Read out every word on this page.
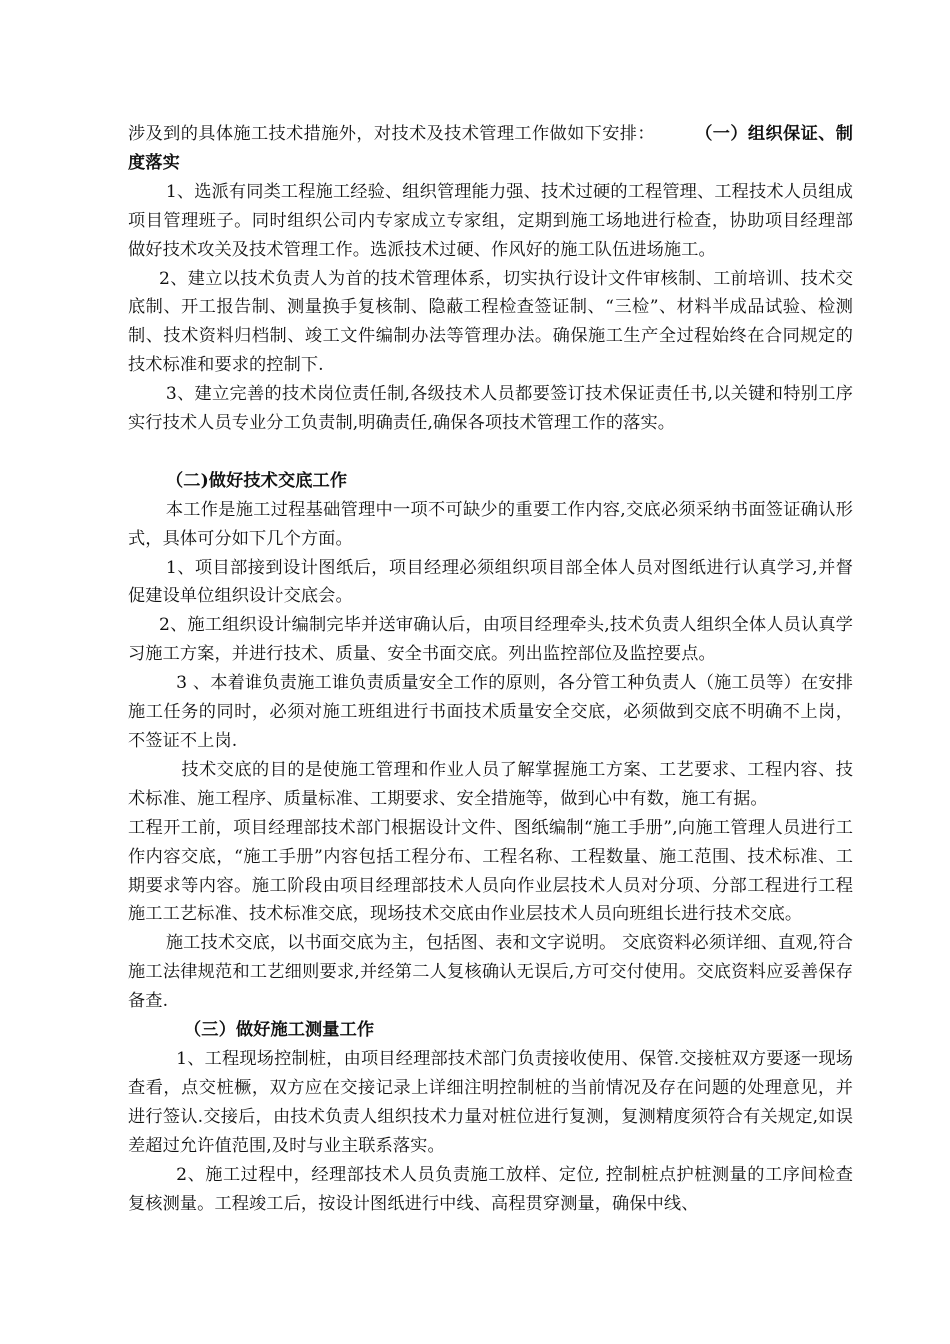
涉及到的具体施工技术措施外，对技术及技术管理工作做如下安排： （一）组织保证、制度落实

1、选派有同类工程施工经验、组织管理能力强、技术过硬的工程管理、工程技术人员组成项目管理班子。同时组织公司内专家成立专家组，定期到施工场地进行检查，协助项目经理部做好技术攻关及技术管理工作。选派技术过硬、作风好的施工队伍进场施工。

2、建立以技术负责人为首的技术管理体系，切实执行设计文件审核制、工前培训、技术交底制、开工报告制、测量换手复核制、隐蔽工程检查签证制、“三检”、材料半成品试验、检测制、技术资料归档制、竣工文件编制办法等管理办法。确保施工生产全过程始终在合同规定的技术标准和要求的控制下.

3、建立完善的技术岗位责任制,各级技术人员都要签订技术保证责任书,以关键和特别工序实行技术人员专业分工负责制,明确责任,确保各项技术管理工作的落实。

（二)做好技术交底工作

本工作是施工过程基础管理中一项不可缺少的重要工作内容,交底必须采纳书面签证确认形式，具体可分如下几个方面。

1、项目部接到设计图纸后，项目经理必须组织项目部全体人员对图纸进行认真学习,并督促建设单位组织设计交底会。

2、施工组织设计编制完毕并送审确认后，由项目经理牵头,技术负责人组织全体人员认真学习施工方案，并进行技术、质量、安全书面交底。列出监控部位及监控要点。

3 、本着谁负责施工谁负责质量安全工作的原则，各分管工种负责人（施工员等）在安排施工任务的同时，必须对施工班组进行书面技术质量安全交底，必须做到交底不明确不上岗，不签证不上岗.

技术交底的目的是使施工管理和作业人员了解掌握施工方案、工艺要求、工程内容、技术标准、施工程序、质量标准、工期要求、安全措施等，做到心中有数，施工有据。

工程开工前，项目经理部技术部门根据设计文件、图纸编制“施工手册”,向施工管理人员进行工作内容交底，“施工手册”内容包括工程分布、工程名称、工程数量、施工范围、技术标准、工期要求等内容。施工阶段由项目经理部技术人员向作业层技术人员对分项、分部工程进行工程施工工艺标准、技术标准交底，现场技术交底由作业层技术人员向班组长进行技术交底。

施工技术交底，以书面交底为主，包括图、表和文字说明。 交底资料必须详细、直观,符合施工法律规范和工艺细则要求,并经第二人复核确认无误后,方可交付使用。交底资料应妥善保存备查.

（三）做好施工测量工作

1、工程现场控制桩，由项目经理部技术部门负责接收使用、保管.交接桩双方要逐一现场查看，点交桩橛，双方应在交接记录上详细注明控制桩的当前情况及存在问题的处理意见，并进行签认.交接后，由技术负责人组织技术力量对桩位进行复测，复测精度须符合有关规定,如误差超过允许值范围,及时与业主联系落实。

2、施工过程中，经理部技术人员负责施工放样、定位, 控制桩点护桩测量的工序间检查复核测量。工程竣工后，按设计图纸进行中线、高程贯穿测量，确保中线、
